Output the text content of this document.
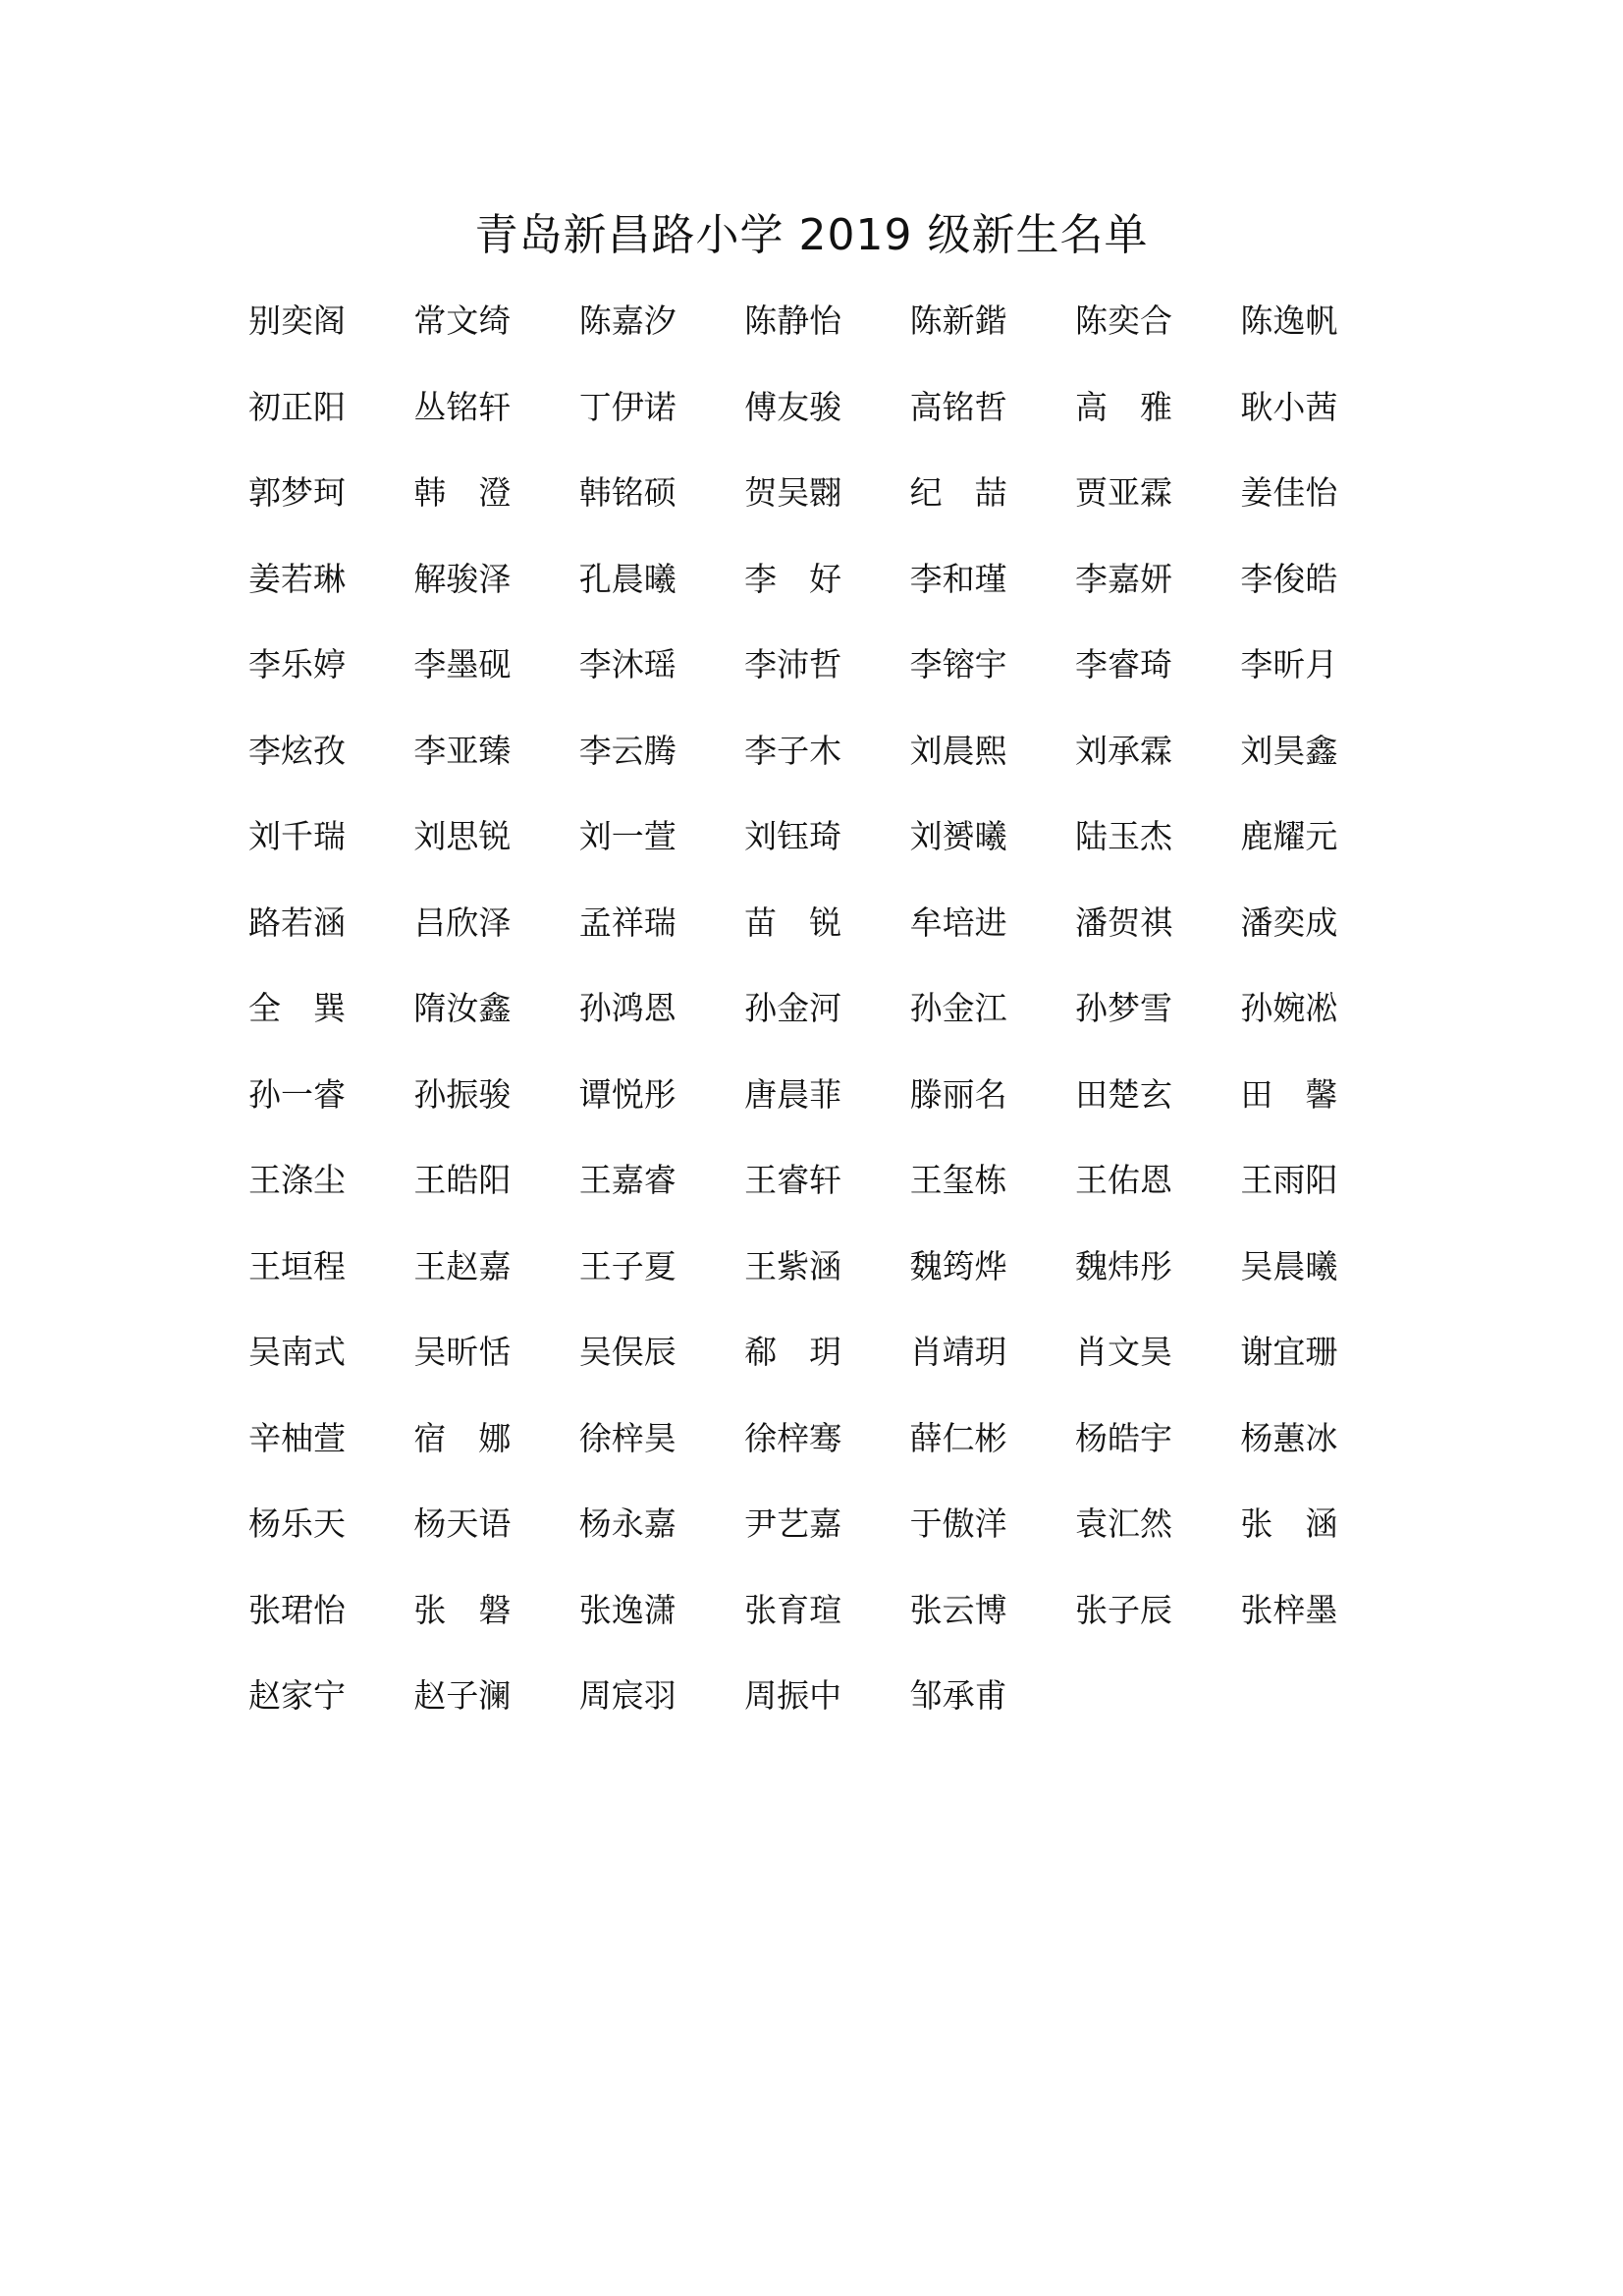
青岛新昌路小学 2019 级新生名单
别奕阁	常文绮	陈嘉汐	陈静怡	陈新鍇	陈奕合	陈逸帆
初正阳	丛铭轩	丁伊诺	傅友骏	高铭哲	高　雅	耿小茜
郭梦珂	韩　澄	韩铭硕	贺吴翾	纪　喆	贾亚霖	姜佳怡
姜若琳	解骏泽	孔晨曦	李　好	李和瑾	李嘉妍	李俊皓
李乐婷	李墨砚	李沐瑶	李沛哲	李镕宇	李睿琦	李昕月
李炫孜	李亚臻	李云腾	李子木	刘晨熙	刘承霖	刘昊鑫
刘千瑞	刘思锐	刘一萱	刘钰琦	刘赟曦	陆玉杰	鹿耀元
路若涵	吕欣泽	孟祥瑞	苗　锐	牟培进	潘贺祺	潘奕成
全　巽	隋汝鑫	孙鸿恩	孙金河	孙金江	孙梦雪	孙婉凇
孙一睿	孙振骏	谭悦彤	唐晨菲	滕丽名	田楚玄	田　馨
王涤尘	王皓阳	王嘉睿	王睿轩	王玺栋	王佑恩	王雨阳
王垣程	王赵嘉	王子夏	王紫涵	魏筠烨	魏炜彤	吴晨曦
吴南式	吴昕恬	吴俣辰	郗　玥	肖靖玥	肖文昊	谢宜珊
辛柚萱	宿　娜	徐梓昊	徐梓骞	薛仁彬	杨皓宇	杨蕙冰
杨乐天	杨天语	杨永嘉	尹艺嘉	于傲洋	袁汇然	张　涵
张珺怡	张　磐	张逸潇	张育瑄	张云博	张子辰	张梓墨
赵家宁	赵子澜	周宸羽	周振中	邹承甫
